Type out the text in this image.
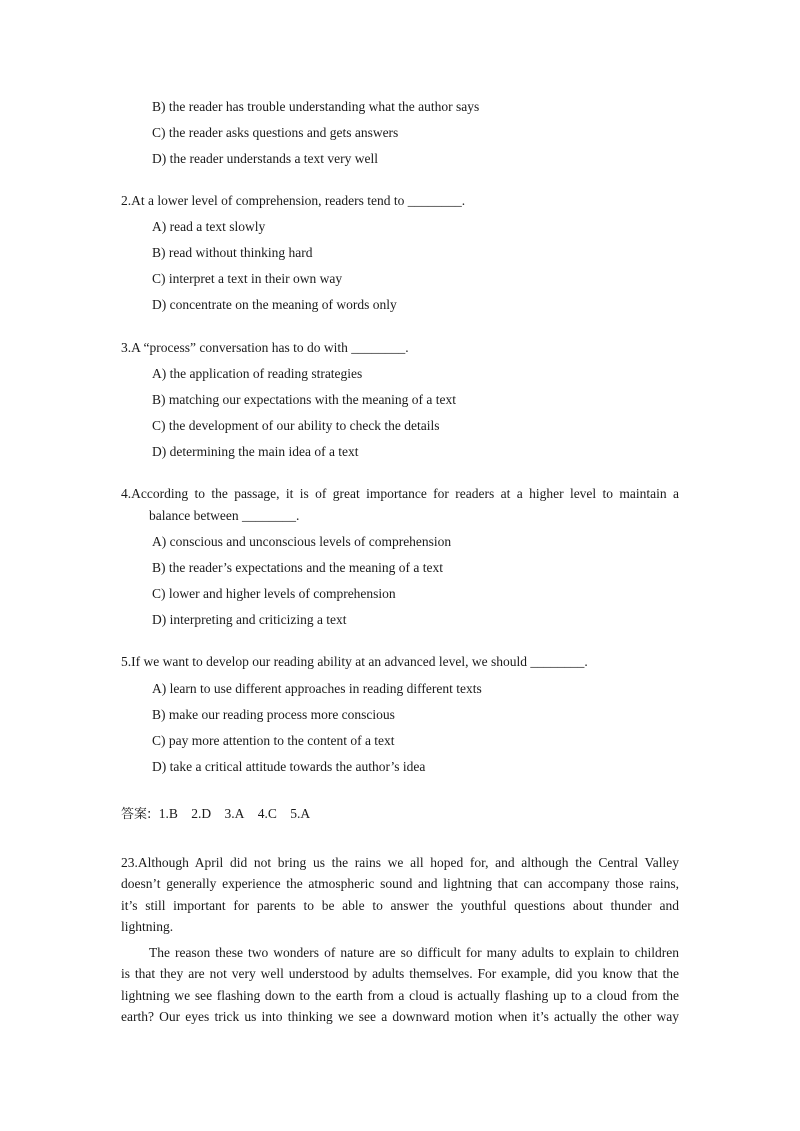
B) the reader has trouble understanding what the author says
C) the reader asks questions and gets answers
D) the reader understands a text very well
2.At a lower level of comprehension, readers tend to ________.
A) read a text slowly
B) read without thinking hard
C) interpret a text in their own way
D) concentrate on the meaning of words only
3.A “process” conversation has to do with ________.
A) the application of reading strategies
B) matching our expectations with the meaning of a text
C) the development of our ability to check the details
D) determining the main idea of a text
4.According to the passage, it is of great importance for readers at a higher level to maintain a
balance between ________.
A) conscious and unconscious levels of comprehension
B) the reader’s expectations and the meaning of a text
C) lower and higher levels of comprehension
D) interpreting and criticizing a text
5.If we want to develop our reading ability at an advanced level, we should ________.
A) learn to use different approaches in reading different texts
B) make our reading process more conscious
C) pay more attention to the content of a text
D) take a critical attitude towards the author’s idea
答案: 1.B 2.D 3.A 4.C 5.A
23.Although April did not bring us the rains we all hoped for, and although the Central Valley
doesn’t generally experience the atmospheric sound and lightning that can accompany those rains,
it’s still important for parents to be able to answer the youthful questions about thunder and
lightning.
The reason these two wonders of nature are so difficult for many adults to explain to children
is that they are not very well understood by adults themselves. For example, did you know that the
lightning we see flashing down to the earth from a cloud is actually flashing up to a cloud from the
earth? Our eyes trick us into thinking we see a downward motion when it’s actually the other way
